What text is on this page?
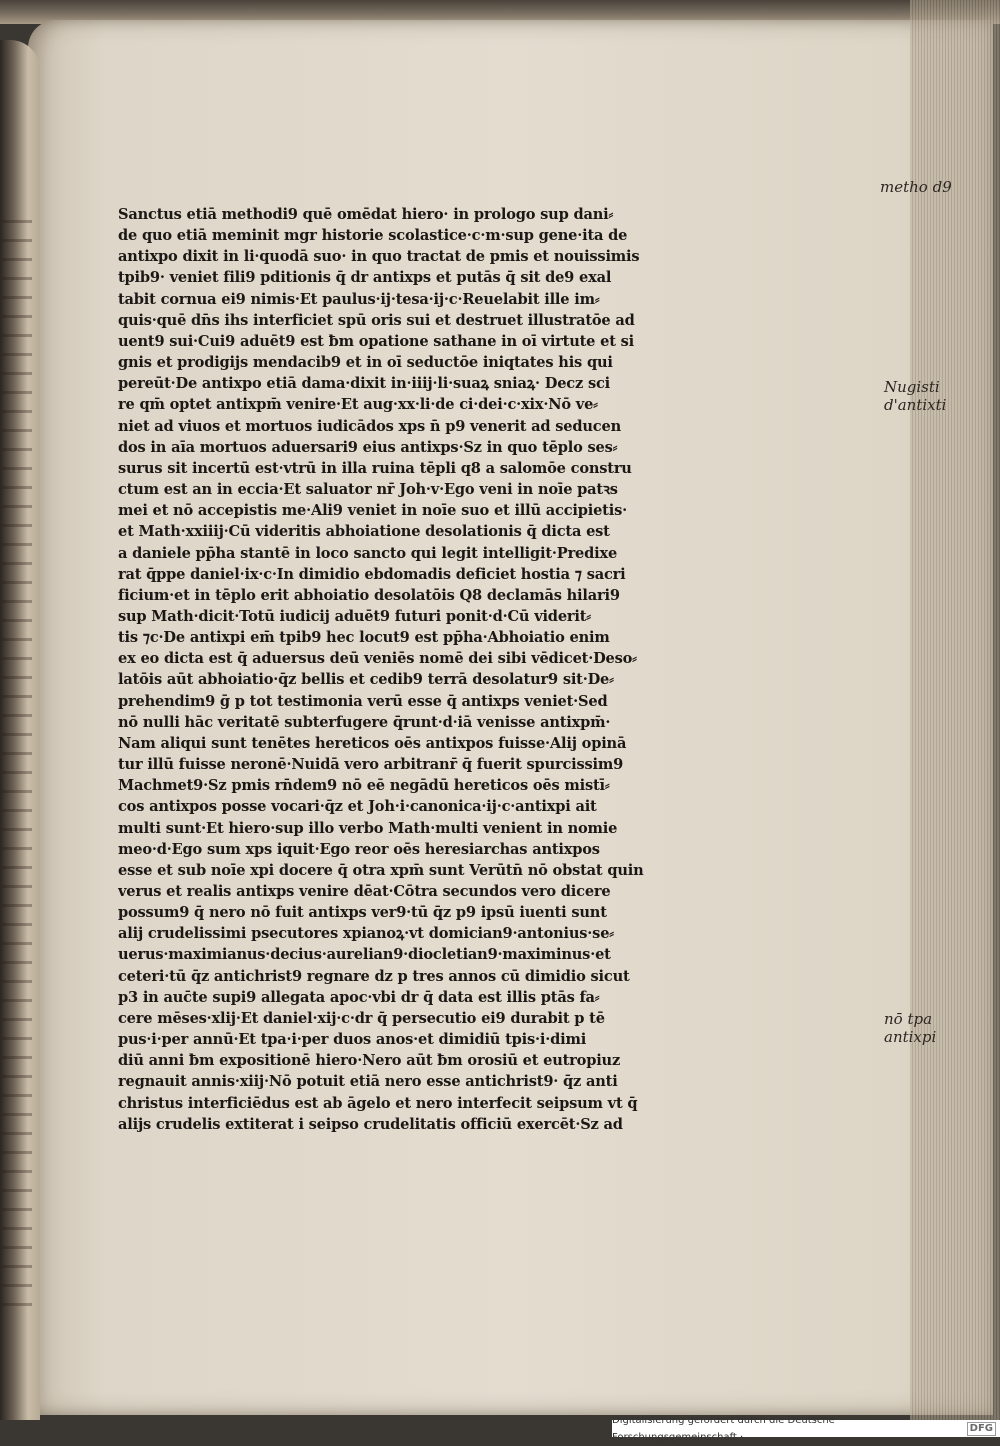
Sanctus etiā methodi9 quē omēdat hiero· in prologo sup dani⸗
de quo etiā meminit mgr historie scolastice·c·m·sup gene·ita de
antixpo dixit in li·quodā suo· in quo tractat de pmis et nouissimis
tpib9· veniet fili9 pditionis q̄ dr antixps et putās q̄ sit de9 exal
tabit cornua ei9 nimis·Et paulus·ij·tesa·ij·c·Reuelabit ille im⸗
quis·quē dn̄s ihs interficiet spū oris sui et destruet illustratōe ad
uent9 sui·Cui9 aduēt9 est ƀm opatione sathane in oī virtute et si
gnis et prodigijs mendacib9 et in oī seductōe iniqtates his qui
pereūt·De antixpo etiā dama·dixit in·iiij·li·suaꝝ sniaꝝ· Decz sci
re qm̄ optet antixpm̄ venire·Et aug·xx·li·de ci·dei·c·xix·Nō ve⸗
niet ad viuos et mortuos iudicādos xps n̄ p9 venerit ad seducen
dos in aīa mortuos aduersari9 eius antixps·Sz in quo tēplo ses⸗
surus sit incertū est·vtrū in illa ruina tēpli q8 a salomōe constru
ctum est an in eccia·Et saluator nr̄ Joh·v·Ego veni in noīe patꝛs
mei et nō accepistis me·Ali9 veniet in noīe suo et illū accipietis·
et Math·xxiiij·Cū videritis abhoiatione desolationis q̄ dicta est
a daniele pp̄ha stantē in loco sancto qui legit intelligit·Predixe
rat q̄ppe daniel·ix·c·In dimidio ebdomadis deficiet hostia ⁊ sacri
ficium·et in tēplo erit abhoiatio desolatōis Q8 declamās hilari9
sup Math·dicit·Totū iudicij aduēt9 futuri ponit·d·Cū viderit⸗
tis ⁊c·De antixpi em̄ tpib9 hec locut9 est pp̄ha·Abhoiatio enim
ex eo dicta est q̄ aduersus deū veniēs nomē dei sibi vēdicet·Deso⸗
latōis aūt abhoiatio·q̄z bellis et cedib9 terrā desolatur9 sit·De⸗
prehendim9 ḡ p tot testimonia verū esse q̄ antixps veniet·Sed
nō nulli hāc veritatē subterfugere q̄runt·d·iā venisse antixpm̄·
Nam aliqui sunt tenētes hereticos oēs antixpos fuisse·Alij opinā
tur illū fuisse neronē·Nuidā vero arbitranr̄ q̄ fuerit spurcissim9
Machmet9·Sz pmis rn̄dem9 nō eē negādū hereticos oēs mistī⸗
cos antixpos posse vocari·q̄z et Joh·i·canonica·ij·c·antixpi ait
multi sunt·Et hiero·sup illo verbo Math·multi venient in nomie
meo·d·Ego sum xps iquit·Ego reor oēs heresiarchas antixpos
esse et sub noīe xpi docere q̄ otra xpm̄ sunt Verūtn̄ nō obstat quin
verus et realis antixps venire dēat·Cōtra secundos vero dicere
possum9 q̄ nero nō fuit antixps ver9·tū q̄z p9 ipsū iuenti sunt
alij crudelissimi psecutores xpianoꝝ·vt domician9·antonius·se⸗
uerus·maximianus·decius·aurelian9·diocletian9·maximinus·et
ceteri·tū q̄z antichrist9 regnare dz p tres annos cū dimidio sicut
p3 in auc̄te supi9 allegata apoc·vbi dr q̄ data est illis ptās fa⸗
cere mēses·xlij·Et daniel·xij·c·dr q̄ persecutio ei9 durabit p tē
pus·i·per annū·Et tpa·i·per duos anos·et dimidiū tpis·i·dimi
diū anni ƀm expositionē hiero·Nero aūt ƀm orosiū et eutropiuz
regnauit annis·xiij·Nō potuit etiā nero esse antichrist9· q̄z anti
christus interficiēdus est ab āgelo et nero interfecit seipsum vt q̄
alijs crudelis extiterat i seipso crudelitatis officiū exercēt·Sz ad
metho d9
Nugisti
d'antixti
nō tpa
antixpi
Digitalisierung gefördert durch die Deutsche Forschungsgemeinschaft ·
DFG
